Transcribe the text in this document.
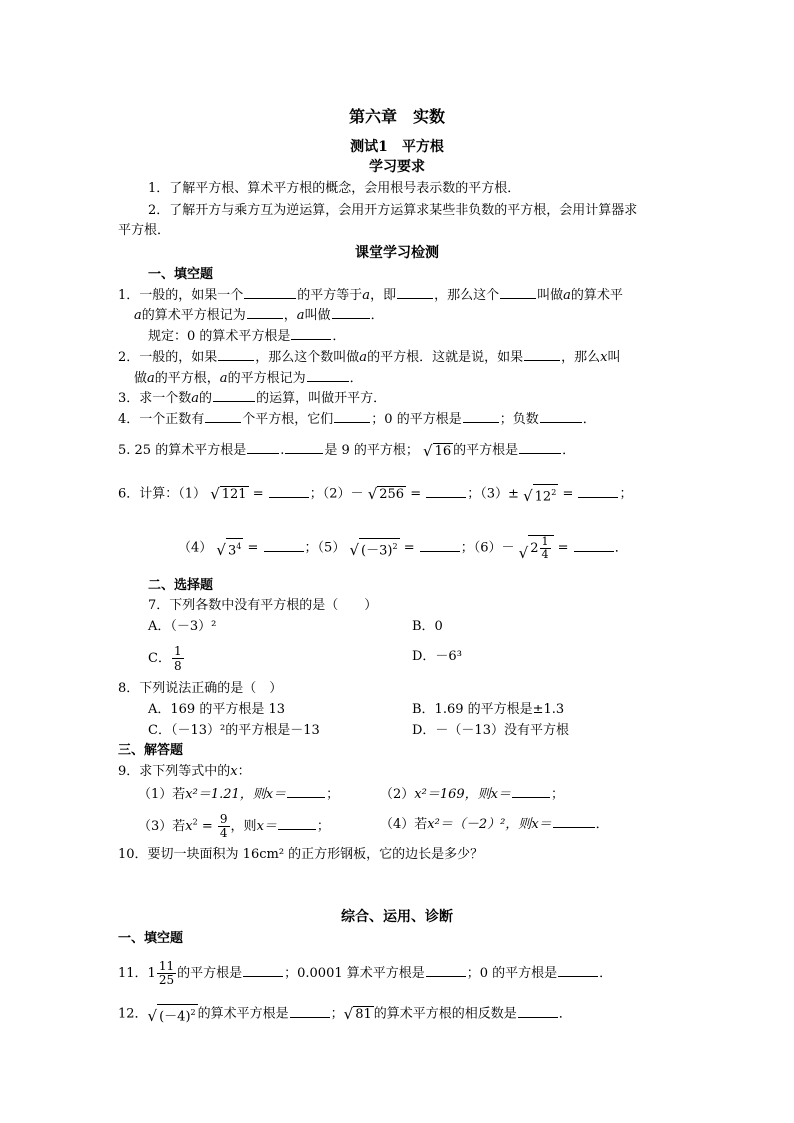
第六章　实数
测试1　平方根
学习要求
1．了解平方根、算术平方根的概念，会用根号表示数的平方根．
2．了解开方与乘方互为逆运算，会用开方运算求某些非负数的平方根，会用计算器求
平方根．
课堂学习检测
一、填空题
1．一般的，如果一个	的平方等于a，即	，那么这个	叫做a的算术平
a的算术平方根记为	，a叫做	．
规定：0 的算术平方根是	．
2．一般的，如果	，那么这个数叫做a的平方根．这就是说，如果	，那么x叫
做a的平方根，a的平方根记为	．
3．求一个数a的	的运算，叫做开平方．
4．一个正数有	个平方根，它们	；0 的平方根是	；负数	．
5. 25 的算术平方根是	.	是 9 的平方根； √ 16 的平方根是	．
6．计算：（1） √ 121 =	；（2）－ √ 256 =	；（3）± √ $12^2$ =	；
（4） √ $3^4$ =	；（5） √ $(-3)^2$ =	；（6）－ √ $2 \frac{1}{4}$ =	．
二、选择题
7．下列各数中没有平方根的是（　　）
A．（－3）²	B．0
C． $\frac{1}{8}$	D．－6³
8．下列说法正确的是（　）
A．169 的平方根是 13	B．1.69 的平方根是±1.3
C．（－13）²的平方根是－13	D．－（－13）没有平方根
三、解答题
9．求下列等式中的x：
（1）若x²＝1.21，则x＝	；	（2）x²＝169，则x＝	；
（3）若$x^2 = \frac{9}{4}$ ，则x＝	；	（4）若x²＝（－2）²，则x＝	．
10．要切一块面积为 16cm² 的正方形钢板，它的边长是多少？
综合、运用、诊断
一、填空题
11．$1 \frac{11}{25}$ 的平方根是	；0.0001 算术平方根是	；0 的平方根是	．
12． √ $(-4)^2$ 的算术平方根是	； √ 81 的算术平方根的相反数是	．
